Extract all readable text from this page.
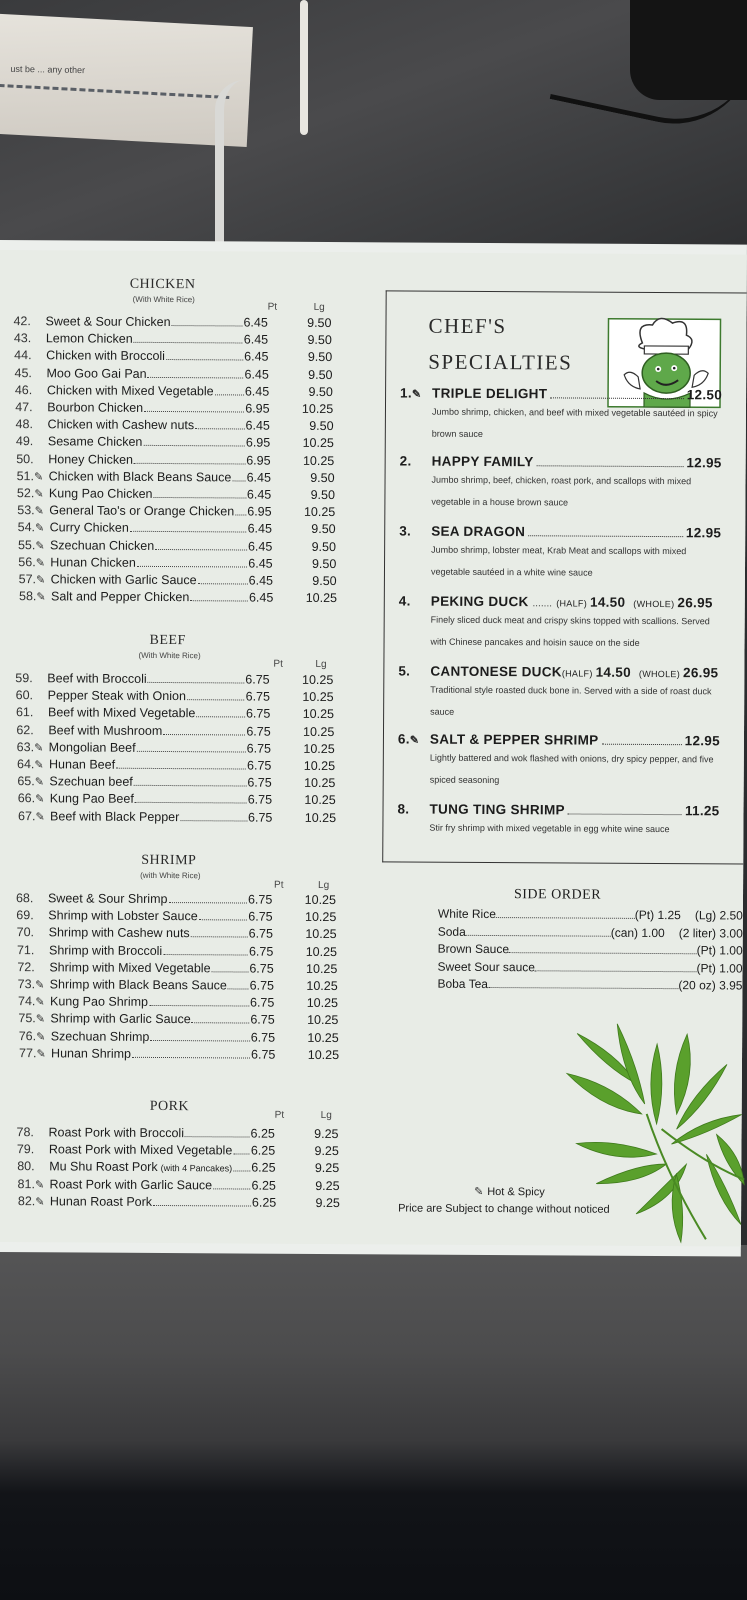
ust be ... any other
CHICKEN
(With White Rice)
Pt	Lg
42.	Sweet & Sour Chicken	6.45	9.50
43.	Lemon Chicken	6.45	9.50
44.	Chicken with Broccoli	6.45	9.50
45.	Moo Goo Gai Pan	6.45	9.50
46.	Chicken with Mixed Vegetable 6.45	9.50
47.	Bourbon Chicken	6.95	10.25
48.	Chicken with Cashew nuts	6.45	9.50
49.	Sesame Chicken	6.95	10.25
50.	Honey Chicken	6.95	10.25
51.✎ Chicken with Black Beans Sauce 6.45	9.50
52.✎ Kung Pao Chicken	6.45	9.50
53.✎ General Tao's or Orange Chicken 6.95	10.25
54.✎ Curry Chicken	6.45	9.50
55.✎ Szechuan Chicken	6.45	9.50
56.✎ Hunan Chicken	6.45	9.50
57.✎ Chicken with Garlic Sauce	6.45	9.50
58.✎ Salt and Pepper Chicken	6.45	10.25
BEEF
(With White Rice)
Pt	Lg
59.	Beef with Broccoli	6.75	10.25
60.	Pepper Steak with Onion	6.75	10.25
61.	Beef with Mixed Vegetable	6.75	10.25
62.	Beef with Mushroom	6.75	10.25
63.✎ Mongolian Beef	6.75	10.25
64.✎ Hunan Beef	6.75	10.25
65.✎ Szechuan beef	6.75	10.25
66.✎ Kung Pao Beef	6.75	10.25
67.✎ Beef with Black Pepper	6.75	10.25
SHRIMP
(with White Rice)
Pt	Lg
68.	Sweet & Sour Shrimp	6.75	10.25
69.	Shrimp with Lobster Sauce	6.75	10.25
70.	Shrimp with Cashew nuts	6.75	10.25
71.	Shrimp with Broccoli	6.75	10.25
72.	Shrimp with Mixed Vegetable	6.75	10.25
73.✎ Shrimp with Black Beans Sauce 6.75	10.25
74.✎ Kung Pao Shrimp	6.75	10.25
75.✎ Shrimp with Garlic Sauce	6.75	10.25
76.✎ Szechuan Shrimp	6.75	10.25
77.✎ Hunan Shrimp	6.75	10.25
PORK
Pt	Lg
78.	Roast Pork with Broccoli	6.25	9.25
79.	Roast Pork with Mixed Vegetable 6.25	9.25
80.	Mu Shu Roast Pork (with 4 Pancakes) 6.25	9.25
81.✎ Roast Pork with Garlic Sauce	6.25	9.25
82.✎ Hunan Roast Pork	6.25	9.25
CHEF'S
SPECIALTIES
1.✎ TRIPLE DELIGHT	12.50
Jumbo shrimp, chicken, and beef with mixed vegetable sautéed in spicy brown sauce
2.	HAPPY FAMILY	12.95
Jumbo shrimp, beef, chicken, roast pork, and scallops with mixed vegetable in a house brown sauce
3.	SEA DRAGON	12.95
Jumbo shrimp, lobster meat, Krab Meat and scallops with mixed vegetable sautéed in a white wine sauce
4.	PEKING DUCK ....... (HALF) 14.50 (WHOLE) 26.95
Finely sliced duck meat and crispy skins topped with scallions. Served with Chinese pancakes and hoisin sauce on the side
5.	CANTONESE DUCK (HALF) 14.50 (WHOLE) 26.95
Traditional style roasted duck bone in. Served with a side of roast duck sauce
6.✎ SALT & PEPPER SHRIMP	12.95
Lightly battered and wok flashed with onions, dry spicy pepper, and five spiced seasoning
8.	TUNG TING SHRIMP	11.25
Stir fry shrimp with mixed vegetable in egg white wine sauce
SIDE ORDER
White Rice	(Pt) 1.25 (Lg) 2.50
Soda	(can) 1.00 (2 liter) 3.00
Brown Sauce	(Pt) 1.00
Sweet Sour sauce	(Pt) 1.00
Boba Tea	(20 oz) 3.95
✎ Hot & Spicy
Price are Subject to change without noticed
